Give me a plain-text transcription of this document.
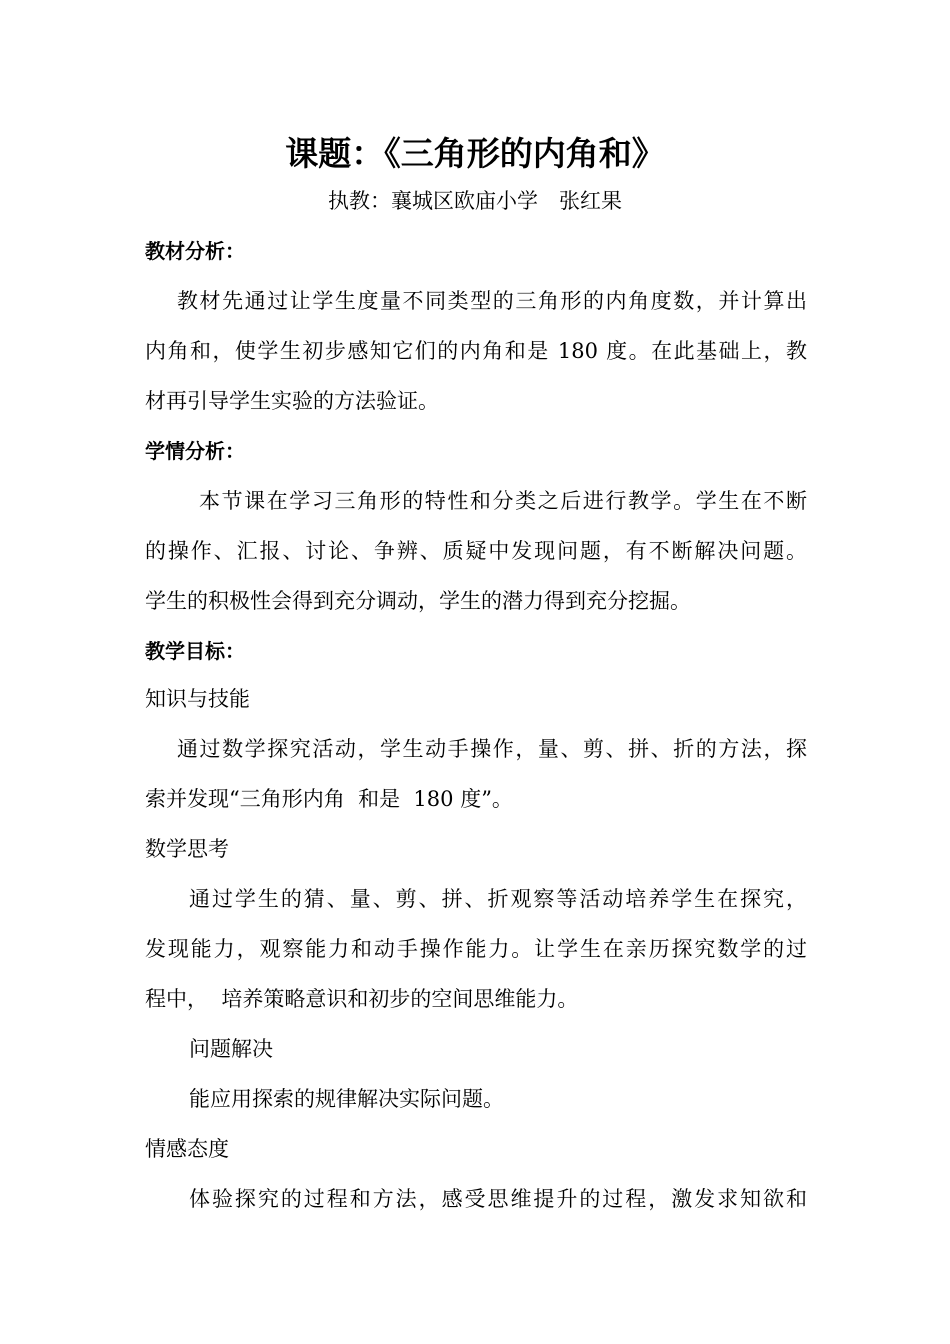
课题：《三角形的内角和》
执教：襄城区欧庙小学　张红果
教材分析：
教材先通过让学生度量不同类型的三角形的内角度数，并计算出
内角和，使学生初步感知它们的内角和是 180 度。在此基础上，教
材再引导学生实验的方法验证。
学情分析：
本节课在学习三角形的特性和分类之后进行教学。学生在不断
的操作、汇报、讨论、争辨、质疑中发现问题，有不断解决问题。
学生的积极性会得到充分调动，学生的潜力得到充分挖掘。
教学目标：
知识与技能
通过数学探究活动，学生动手操作，量、剪、拼、折的方法，探
索并发现“三角形内角  和是  180 度”。
数学思考
通过学生的猜、量、剪、拼、折观察等活动培养学生在探究，
发现能力，观察能力和动手操作能力。让学生在亲历探究数学的过
程中，  培养策略意识和初步的空间思维能力。
问题解决
能应用探索的规律解决实际问题。
情感态度
体验探究的过程和方法，感受思维提升的过程，激发求知欲和
